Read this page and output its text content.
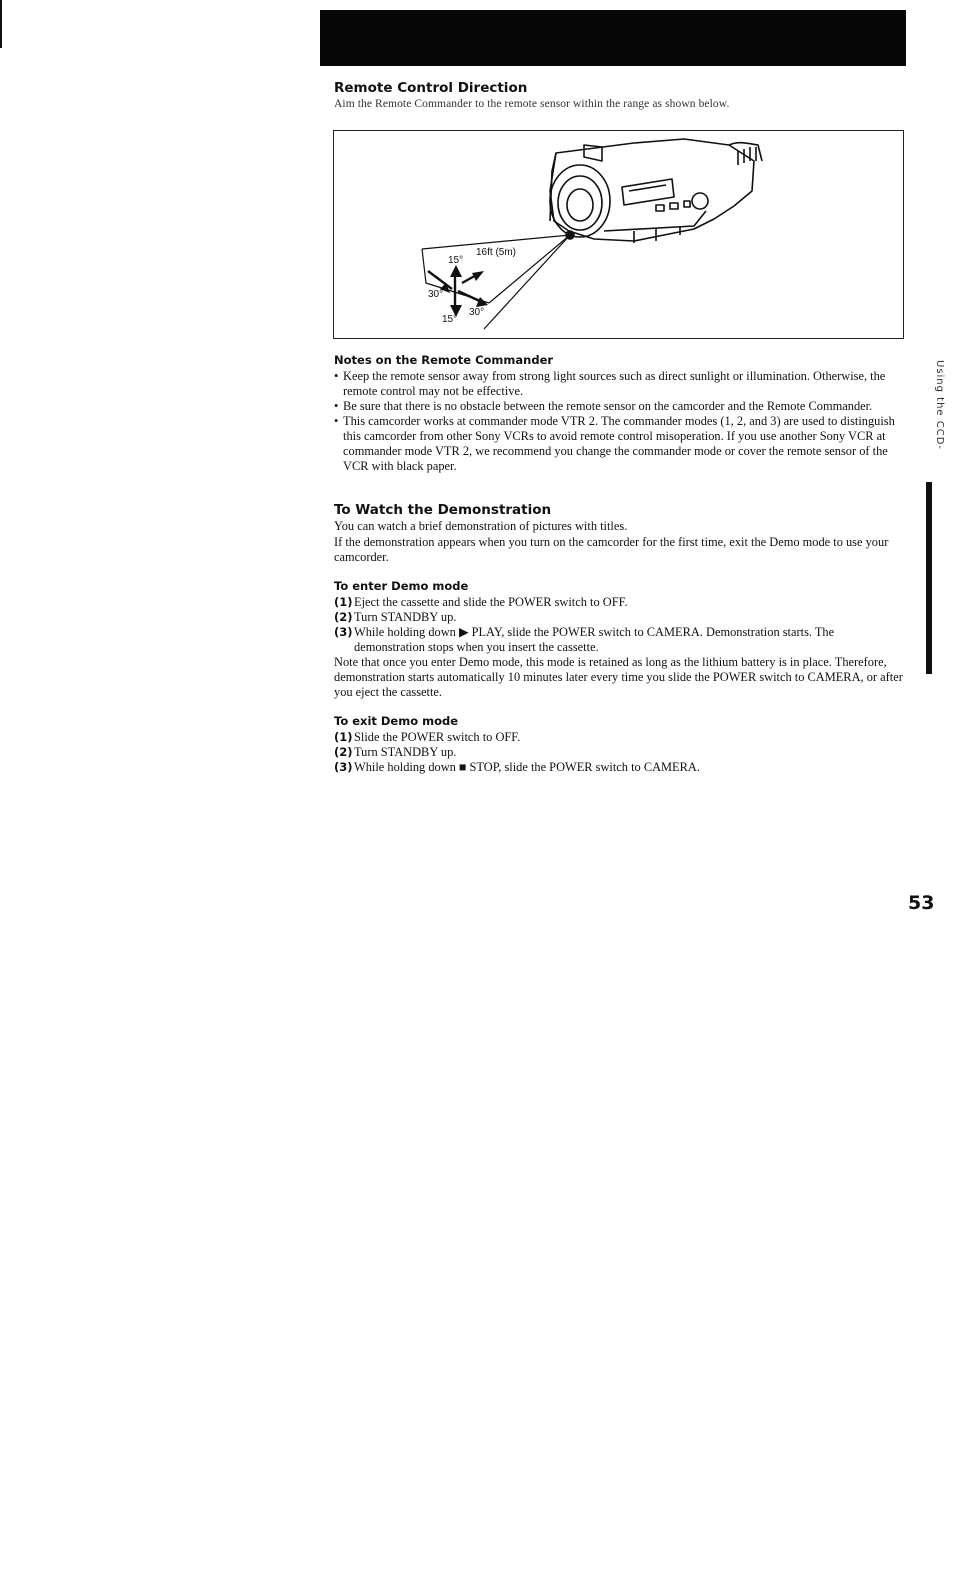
Remote Control Direction
Aim the Remote Commander to the remote sensor within the range as shown below.
16ft (5m)
15°
30°
30°
15°
Notes on the Remote Commander
• Keep the remote sensor away from strong light sources such as direct sunlight or illumination. Otherwise, the remote control may not be effective.
• Be sure that there is no obstacle between the remote sensor on the camcorder and the Remote Commander.
• This camcorder works at commander mode VTR 2. The commander modes (1, 2, and 3) are used to distinguish this camcorder from other Sony VCRs to avoid remote control misoperation. If you use another Sony VCR at commander mode VTR 2, we recommend you change the commander mode or cover the remote sensor of the VCR with black paper.
To Watch the Demonstration
You can watch a brief demonstration of pictures with titles.
If the demonstration appears when you turn on the camcorder for the first time, exit the Demo mode to use your camcorder.
To enter Demo mode
(1) Eject the cassette and slide the POWER switch to OFF.
(2) Turn STANDBY up.
(3) While holding down ▶ PLAY, slide the POWER switch to CAMERA. Demonstration starts. The demonstration stops when you insert the cassette.
Note that once you enter Demo mode, this mode is retained as long as the lithium battery is in place. Therefore, demonstration starts automatically 10 minutes later every time you slide the POWER switch to CAMERA, or after you eject the cassette.
To exit Demo mode
(1) Slide the POWER switch to OFF.
(2) Turn STANDBY up.
(3) While holding down ■ STOP, slide the POWER switch to CAMERA.
Using the CCD-
53
